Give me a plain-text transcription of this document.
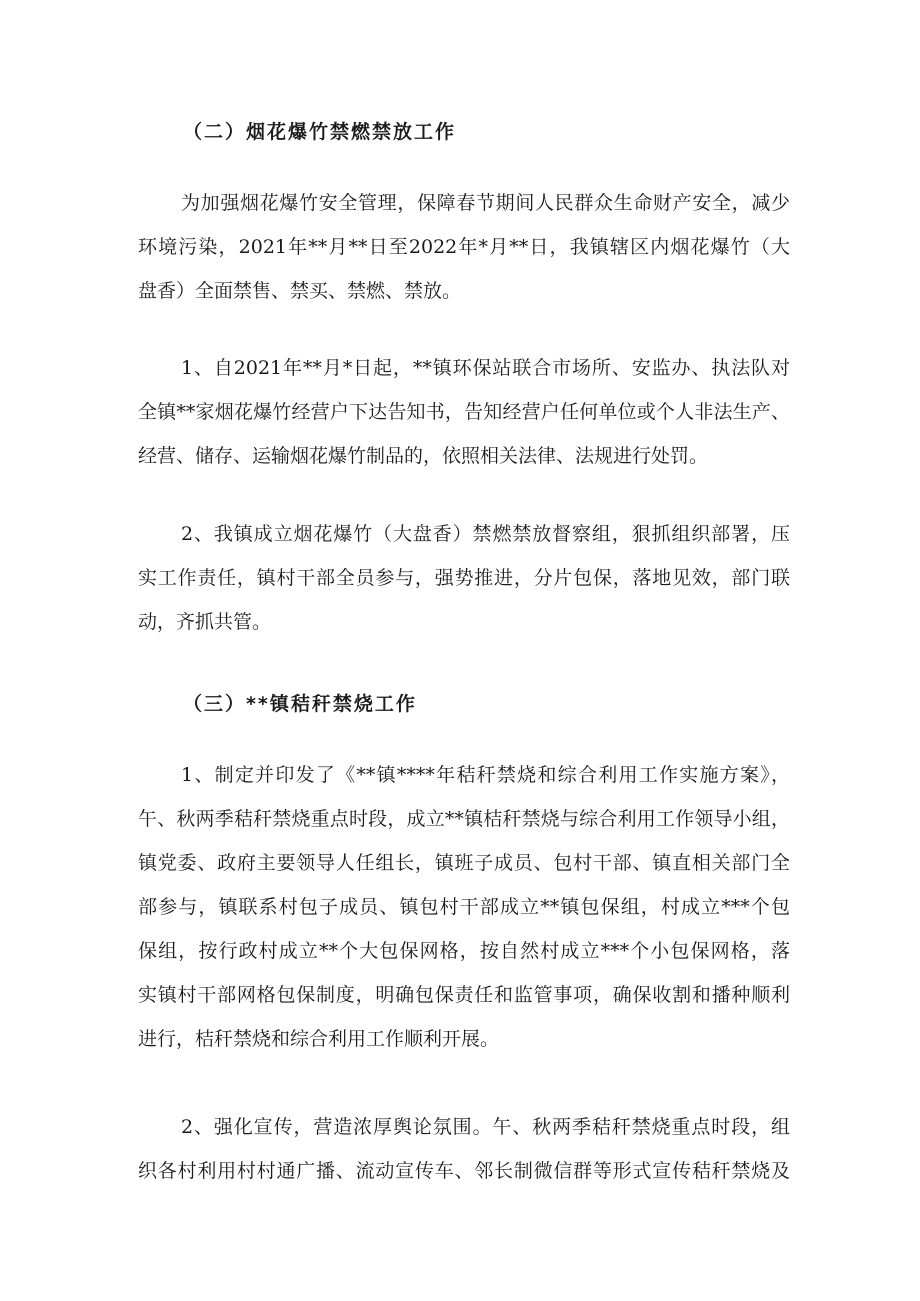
（二）烟花爆竹禁燃禁放工作
为加强烟花爆竹安全管理，保障春节期间人民群众生命财产安全，减少
环境污染，2021年**月**日至2022年*月**日，我镇辖区内烟花爆竹（大
盘香）全面禁售、禁买、禁燃、禁放。
1、自2021年**月*日起，**镇环保站联合市场所、安监办、执法队对
全镇**家烟花爆竹经营户下达告知书，告知经营户任何单位或个人非法生产、
经营、储存、运输烟花爆竹制品的，依照相关法律、法规进行处罚。
2、我镇成立烟花爆竹（大盘香）禁燃禁放督察组，狠抓组织部署，压
实工作责任，镇村干部全员参与，强势推进，分片包保，落地见效，部门联
动，齐抓共管。
（三）**镇秸秆禁烧工作
1、制定并印发了《**镇****年秸秆禁烧和综合利用工作实施方案》，
午、秋两季秸秆禁烧重点时段，成立**镇桔秆禁烧与综合利用工作领导小组，
镇党委、政府主要领导人任组长，镇班子成员、包村干部、镇直相关部门全
部参与，镇联系村包子成员、镇包村干部成立**镇包保组，村成立***个包
保组，按行政村成立**个大包保网格，按自然村成立***个小包保网格，落
实镇村干部网格包保制度，明确包保责任和监管事项，确保收割和播种顺利
进行，桔秆禁烧和综合利用工作顺利开展。
2、强化宣传，营造浓厚舆论氛围。午、秋两季秸秆禁烧重点时段，组
织各村利用村村通广播、流动宣传车、邻长制微信群等形式宣传秸秆禁烧及
